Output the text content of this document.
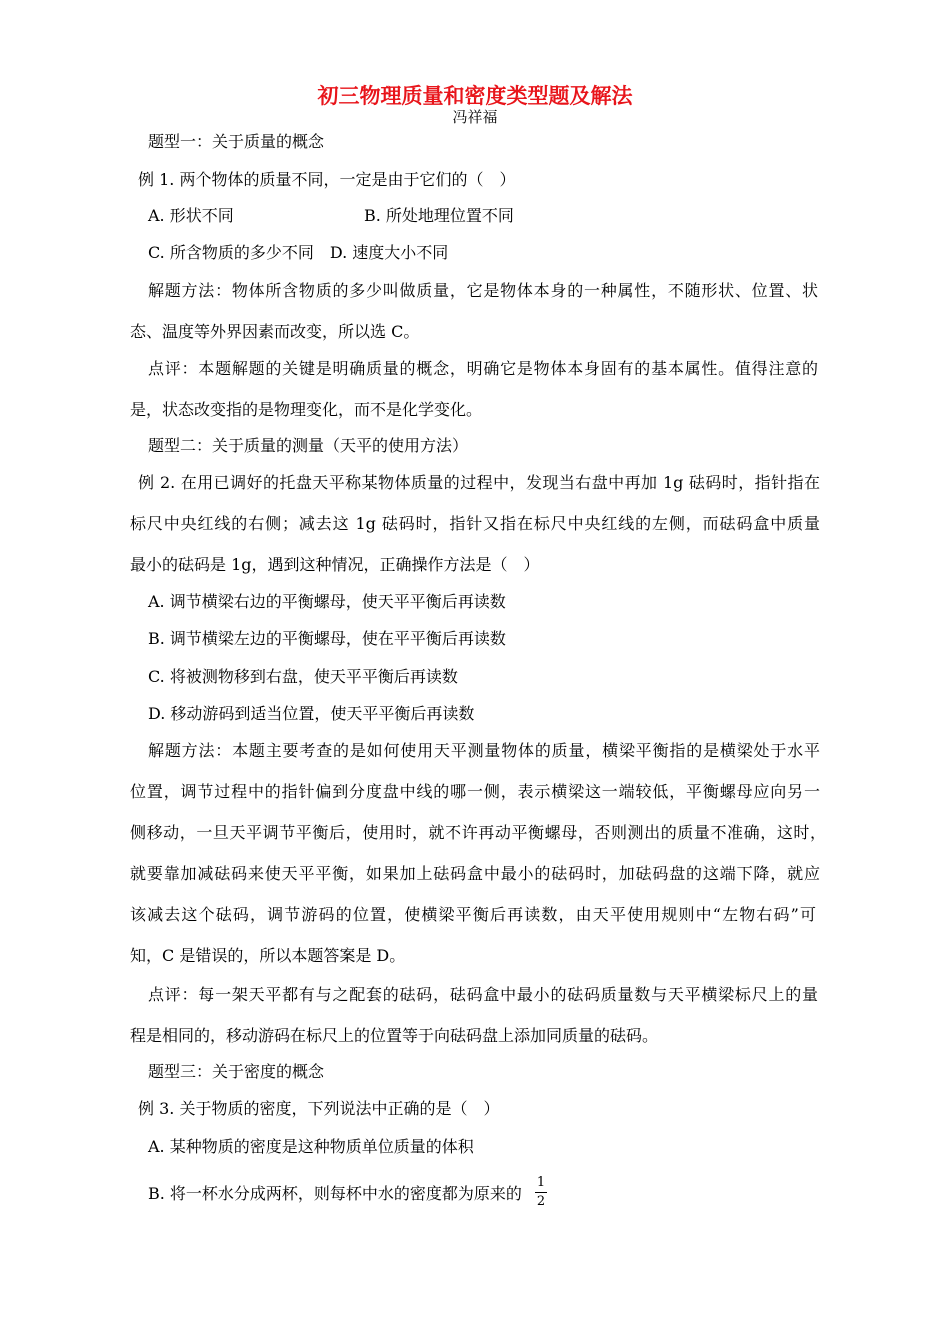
初三物理质量和密度类型题及解法
冯祥福
题型一：关于质量的概念
例 1. 两个物体的质量不同，一定是由于它们的（　）
A. 形状不同	B. 所处地理位置不同
C. 所含物质的多少不同　D. 速度大小不同
解题方法：物体所含物质的多少叫做质量，它是物体本身的一种属性，不随形状、位置、状
态、温度等外界因素而改变，所以选 C。
点评：本题解题的关键是明确质量的概念，明确它是物体本身固有的基本属性。值得注意的
是，状态改变指的是物理变化，而不是化学变化。
题型二：关于质量的测量（天平的使用方法）
例 2. 在用已调好的托盘天平称某物体质量的过程中，发现当右盘中再加 1g 砝码时，指针指在
标尺中央红线的右侧；减去这 1g 砝码时，指针又指在标尺中央红线的左侧，而砝码盒中质量
最小的砝码是 1g，遇到这种情况，正确操作方法是（　）
A. 调节横梁右边的平衡螺母，使天平平衡后再读数
B. 调节横梁左边的平衡螺母，使在平平衡后再读数
C. 将被测物移到右盘，使天平平衡后再读数
D. 移动游码到适当位置，使天平平衡后再读数
解题方法：本题主要考查的是如何使用天平测量物体的质量，横梁平衡指的是横梁处于水平
位置，调节过程中的指针偏到分度盘中线的哪一侧，表示横梁这一端较低，平衡螺母应向另一
侧移动，一旦天平调节平衡后，使用时，就不许再动平衡螺母，否则测出的质量不准确，这时，
就要靠加减砝码来使天平平衡，如果加上砝码盒中最小的砝码时，加砝码盘的这端下降，就应
该减去这个砝码，调节游码的位置，使横梁平衡后再读数，由天平使用规则中“左物右码”可
知，C 是错误的，所以本题答案是 D。
点评：每一架天平都有与之配套的砝码，砝码盒中最小的砝码质量数与天平横梁标尺上的量
程是相同的，移动游码在标尺上的位置等于向砝码盘上添加同质量的砝码。
题型三：关于密度的概念
例 3. 关于物质的密度，下列说法中正确的是（　）
A. 某种物质的密度是这种物质单位质量的体积
B. 将一杯水分成两杯，则每杯中水的密度都为原来的
1
2
